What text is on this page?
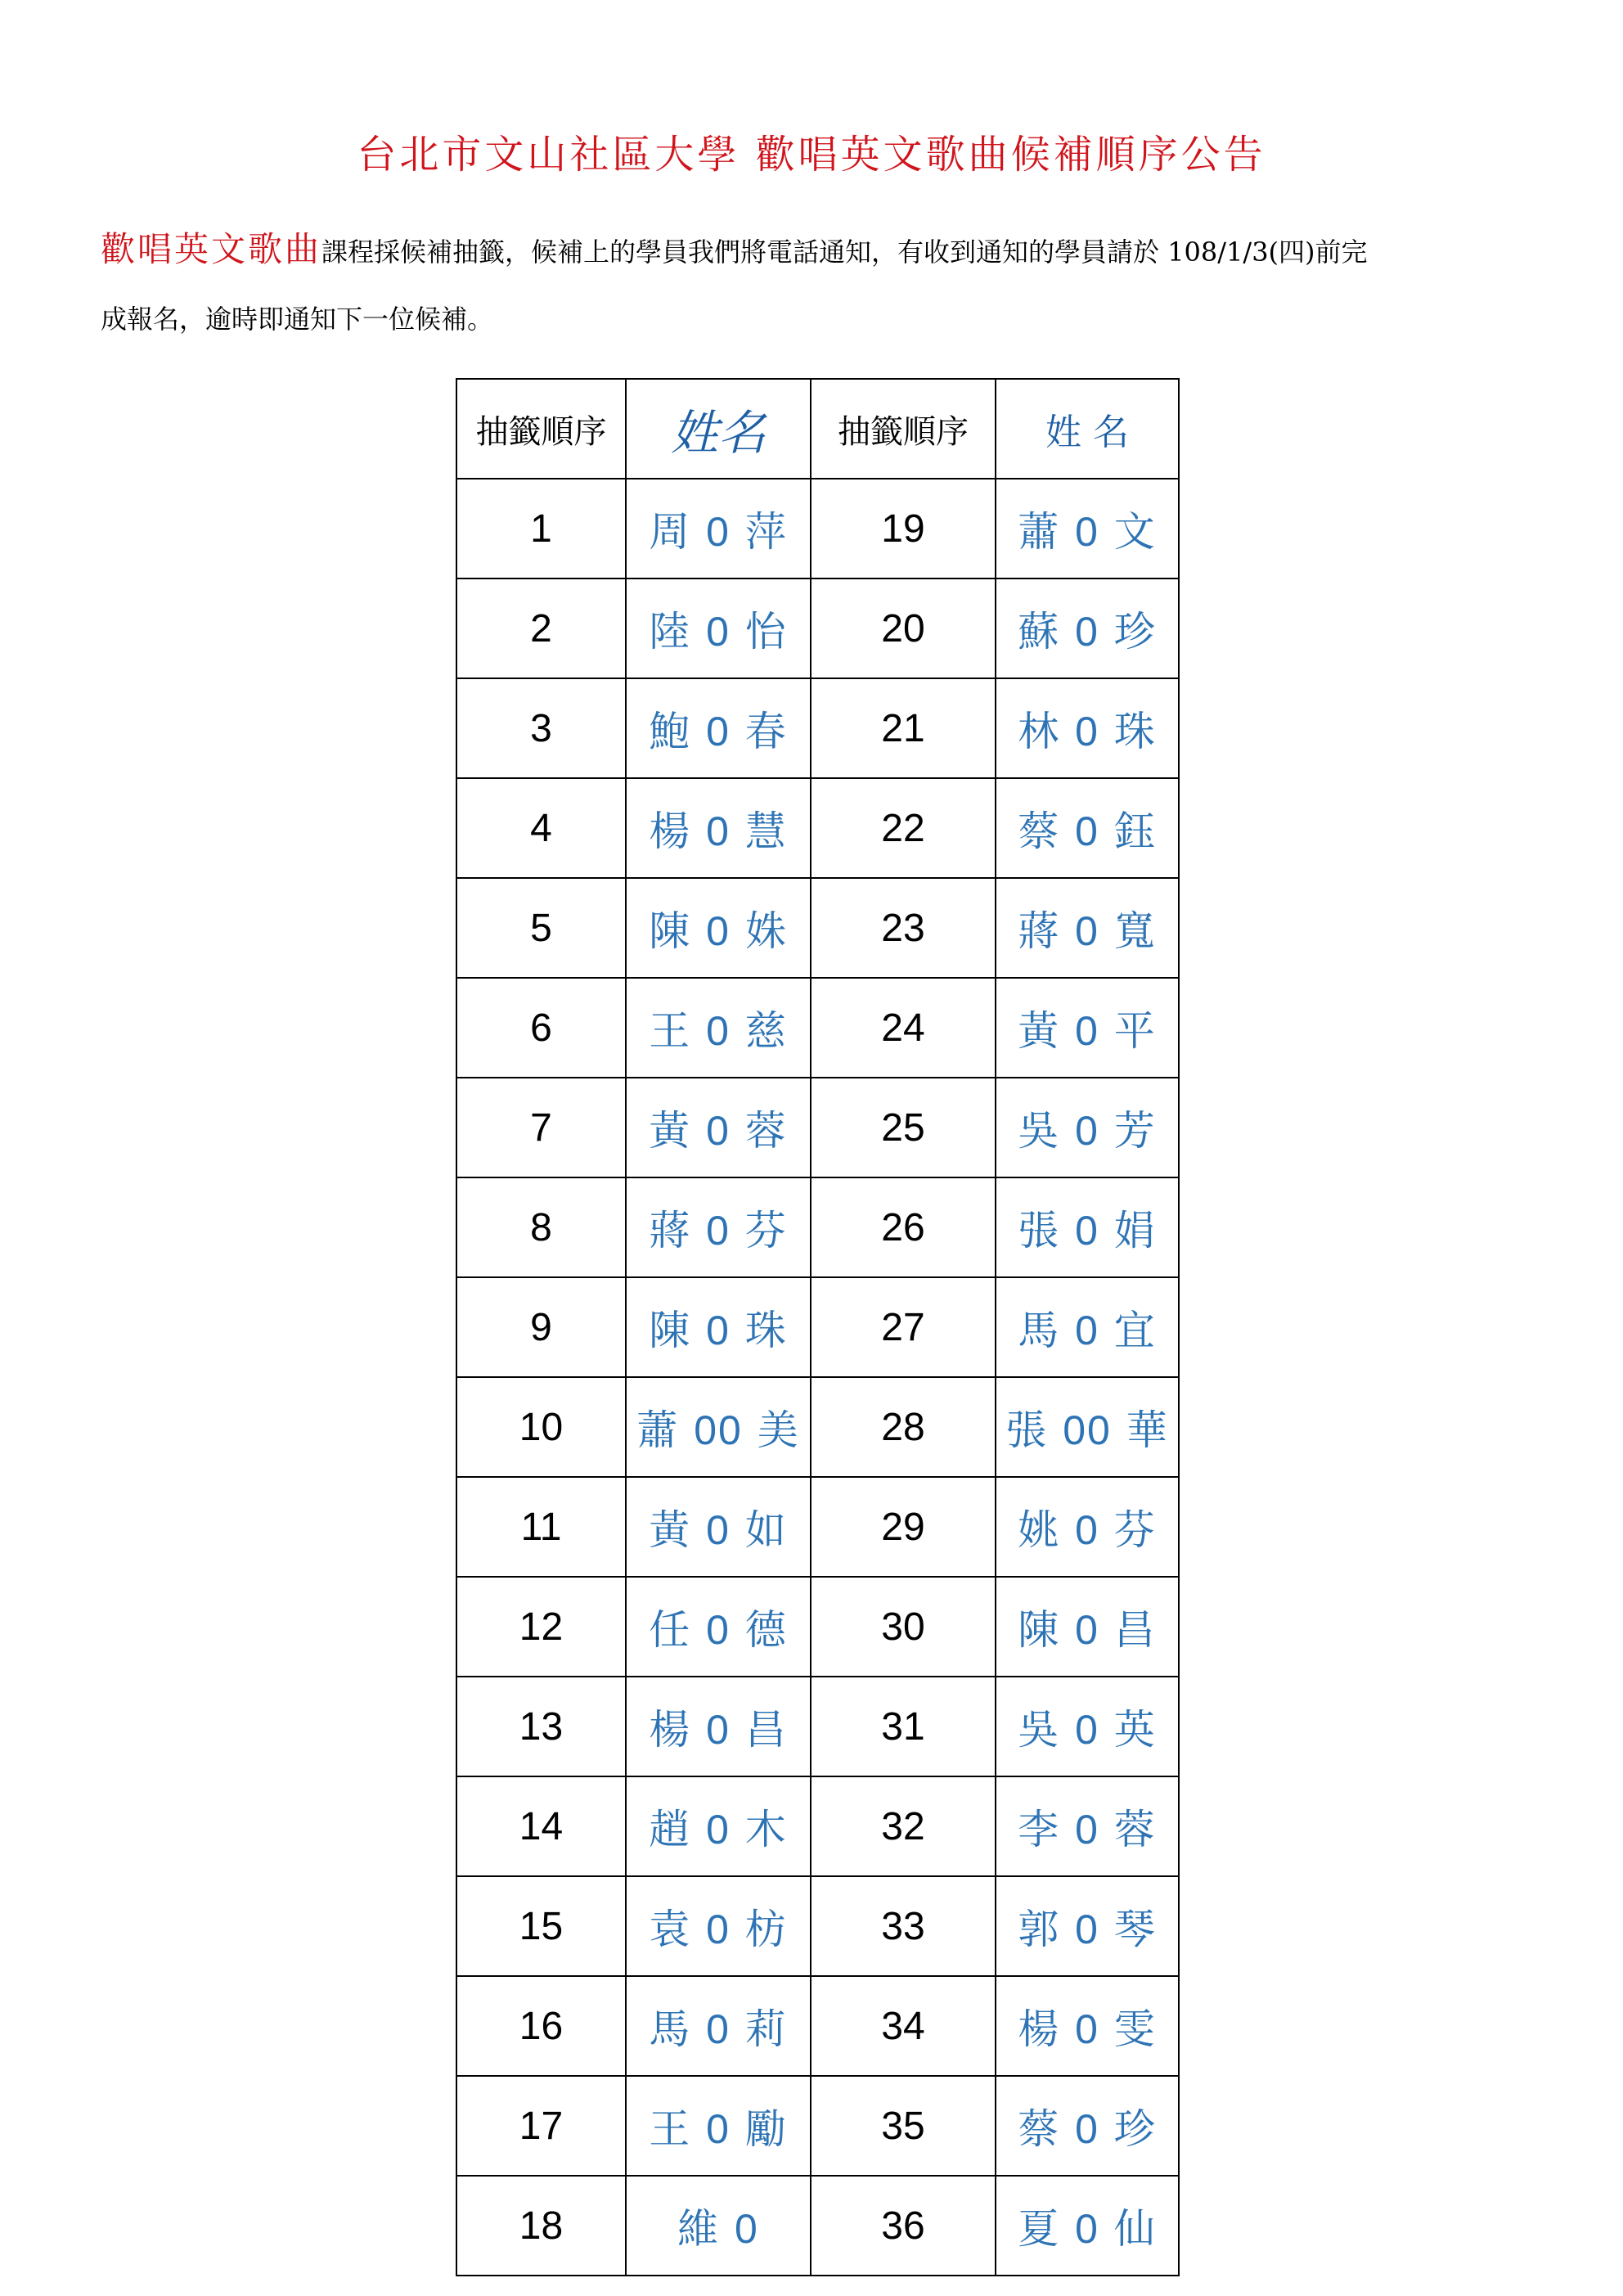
台北市文山社區大學 歡唱英文歌曲候補順序公告

歡唱英文歌曲課程採候補抽籤，候補上的學員我們將電話通知，有收到通知的學員請於 108/1/3(四)前完

成報名，逾時即通知下一位候補。

抽籤順序	姓名	抽籤順序	姓 名
1	周 0 萍	19	蕭 0 文
2	陸 0 怡	20	蘇 0 珍
3	鮑 0 春	21	林 0 珠
4	楊 0 慧	22	蔡 0 鈺
5	陳 0 姝	23	蔣 0 寬
6	王 0 慈	24	黃 0 平
7	黃 0 蓉	25	吳 0 芳
8	蔣 0 芬	26	張 0 娟
9	陳 0 珠	27	馬 0 宜
10	蕭 00 美	28	張 00 華
11	黃 0 如	29	姚 0 芬
12	任 0 德	30	陳 0 昌
13	楊 0 昌	31	吳 0 英
14	趙 0 木	32	李 0 蓉
15	袁 0 枋	33	郭 0 琴
16	馬 0 莉	34	楊 0 雯
17	王 0 勵	35	蔡 0 珍
18	維 0	36	夏 0 仙
